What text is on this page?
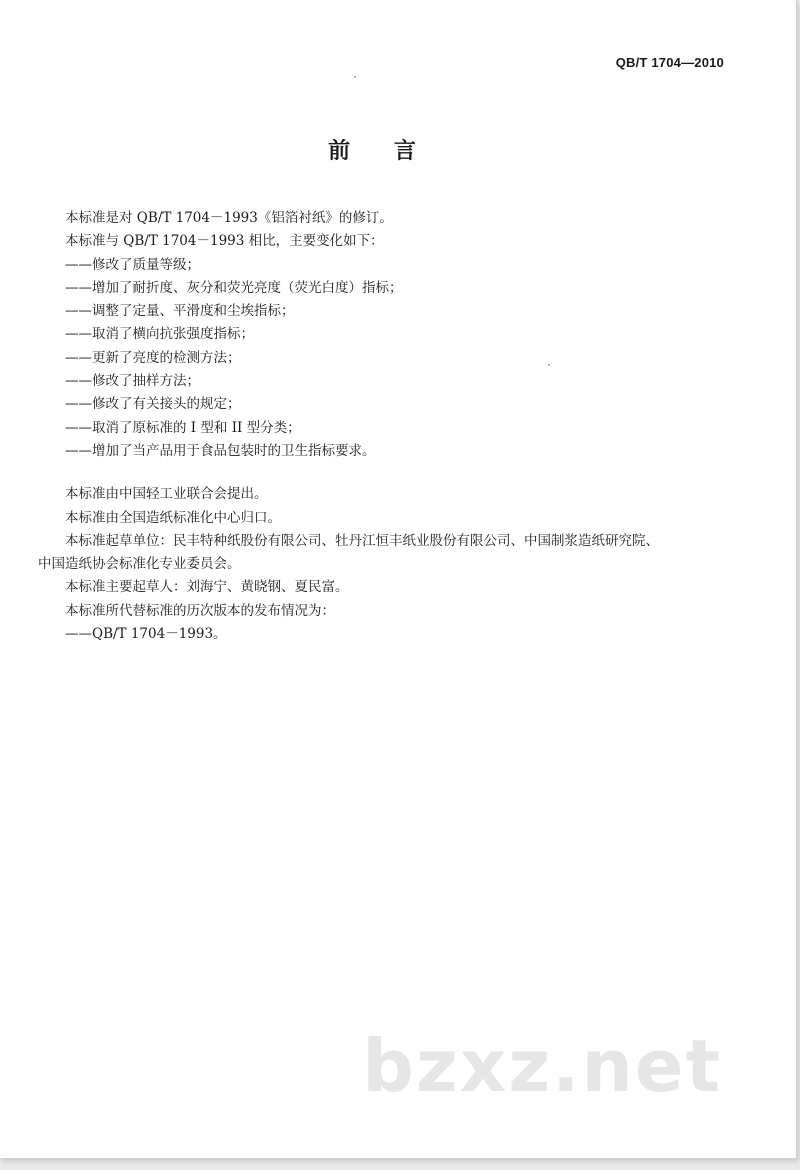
QB/T 1704—2010
前 言

本标准是对 QB/T 1704－1993《铝箔衬纸》的修订。

本标准与 QB/T 1704－1993 相比，主要变化如下：

——修改了质量等级；

——增加了耐折度、灰分和荧光亮度（荧光白度）指标；

——调整了定量、平滑度和尘埃指标；

——取消了横向抗张强度指标；

——更新了亮度的检测方法；

——修改了抽样方法；

——修改了有关接头的规定；

——取消了原标准的 I 型和 II 型分类；

——增加了当产品用于食品包装时的卫生指标要求。

本标准由中国轻工业联合会提出。

本标准由全国造纸标准化中心归口。

本标准起草单位：民丰特种纸股份有限公司、牡丹江恒丰纸业股份有限公司、中国制浆造纸研究院、

中国造纸协会标准化专业委员会。

本标准主要起草人：刘海宁、黄晓钢、夏民富。

本标准所代替标准的历次版本的发布情况为：

——QB/T 1704－1993。

bzxz.net
